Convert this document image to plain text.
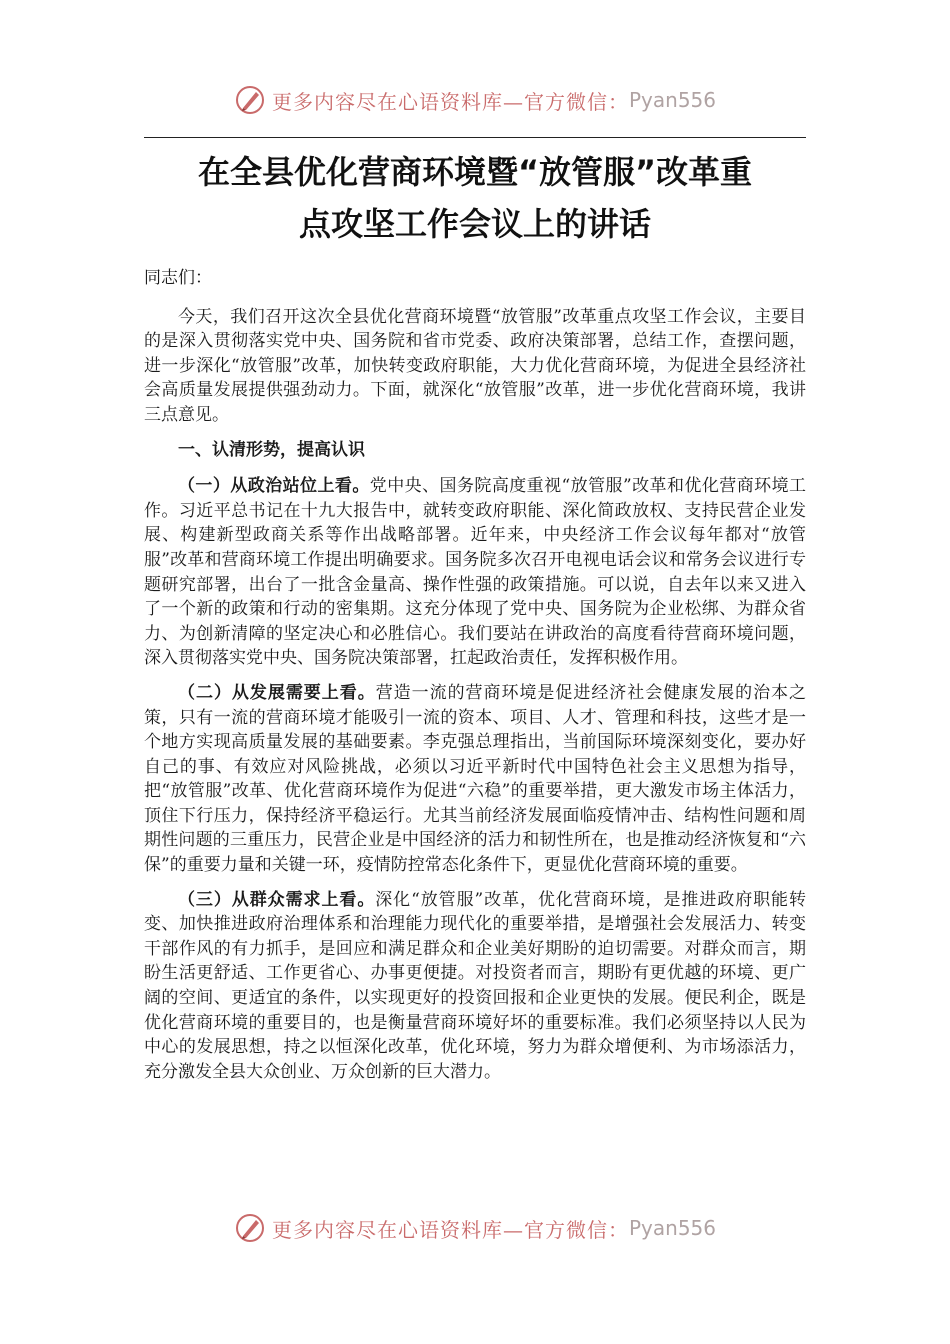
更多内容尽在心语资料库—官方微信： Pyan556
在全县优化营商环境暨“放管服”改革重
点攻坚工作会议上的讲话

同志们：

今天，我们召开这次全县优化营商环境暨“放管服”改革重点攻坚工作会议，主要目的是深入贯彻落实党中央、国务院和省市党委、政府决策部署，总结工作，查摆问题，进一步深化“放管服”改革，加快转变政府职能，大力优化营商环境，为促进全县经济社会高质量发展提供强劲动力。下面，就深化“放管服”改革，进一步优化营商环境，我讲三点意见。

一、认清形势，提高认识

（一）从政治站位上看。党中央、国务院高度重视“放管服”改革和优化营商环境工作。习近平总书记在十九大报告中，就转变政府职能、深化简政放权、支持民营企业发展、构建新型政商关系等作出战略部署。近年来，中央经济工作会议每年都对“放管服”改革和营商环境工作提出明确要求。国务院多次召开电视电话会议和常务会议进行专题研究部署，出台了一批含金量高、操作性强的政策措施。可以说，自去年以来又进入了一个新的政策和行动的密集期。这充分体现了党中央、国务院为企业松绑、为群众省力、为创新清障的坚定决心和必胜信心。我们要站在讲政治的高度看待营商环境问题，深入贯彻落实党中央、国务院决策部署，扛起政治责任，发挥积极作用。

（二）从发展需要上看。营造一流的营商环境是促进经济社会健康发展的治本之策，只有一流的营商环境才能吸引一流的资本、项目、人才、管理和科技，这些才是一个地方实现高质量发展的基础要素。李克强总理指出，当前国际环境深刻变化，要办好自己的事、有效应对风险挑战，必须以习近平新时代中国特色社会主义思想为指导，把“放管服”改革、优化营商环境作为促进“六稳”的重要举措，更大激发市场主体活力，顶住下行压力，保持经济平稳运行。尤其当前经济发展面临疫情冲击、结构性问题和周期性问题的三重压力，民营企业是中国经济的活力和韧性所在，也是推动经济恢复和“六保”的重要力量和关键一环，疫情防控常态化条件下，更显优化营商环境的重要。

（三）从群众需求上看。深化“放管服”改革，优化营商环境，是推进政府职能转变、加快推进政府治理体系和治理能力现代化的重要举措，是增强社会发展活力、转变干部作风的有力抓手，是回应和满足群众和企业美好期盼的迫切需要。对群众而言，期盼生活更舒适、工作更省心、办事更便捷。对投资者而言，期盼有更优越的环境、更广阔的空间、更适宜的条件，以实现更好的投资回报和企业更快的发展。便民利企，既是优化营商环境的重要目的，也是衡量营商环境好坏的重要标准。我们必须坚持以人民为中心的发展思想，持之以恒深化改革，优化环境，努力为群众增便利、为市场添活力，充分激发全县大众创业、万众创新的巨大潜力。

更多内容尽在心语资料库—官方微信： Pyan556
